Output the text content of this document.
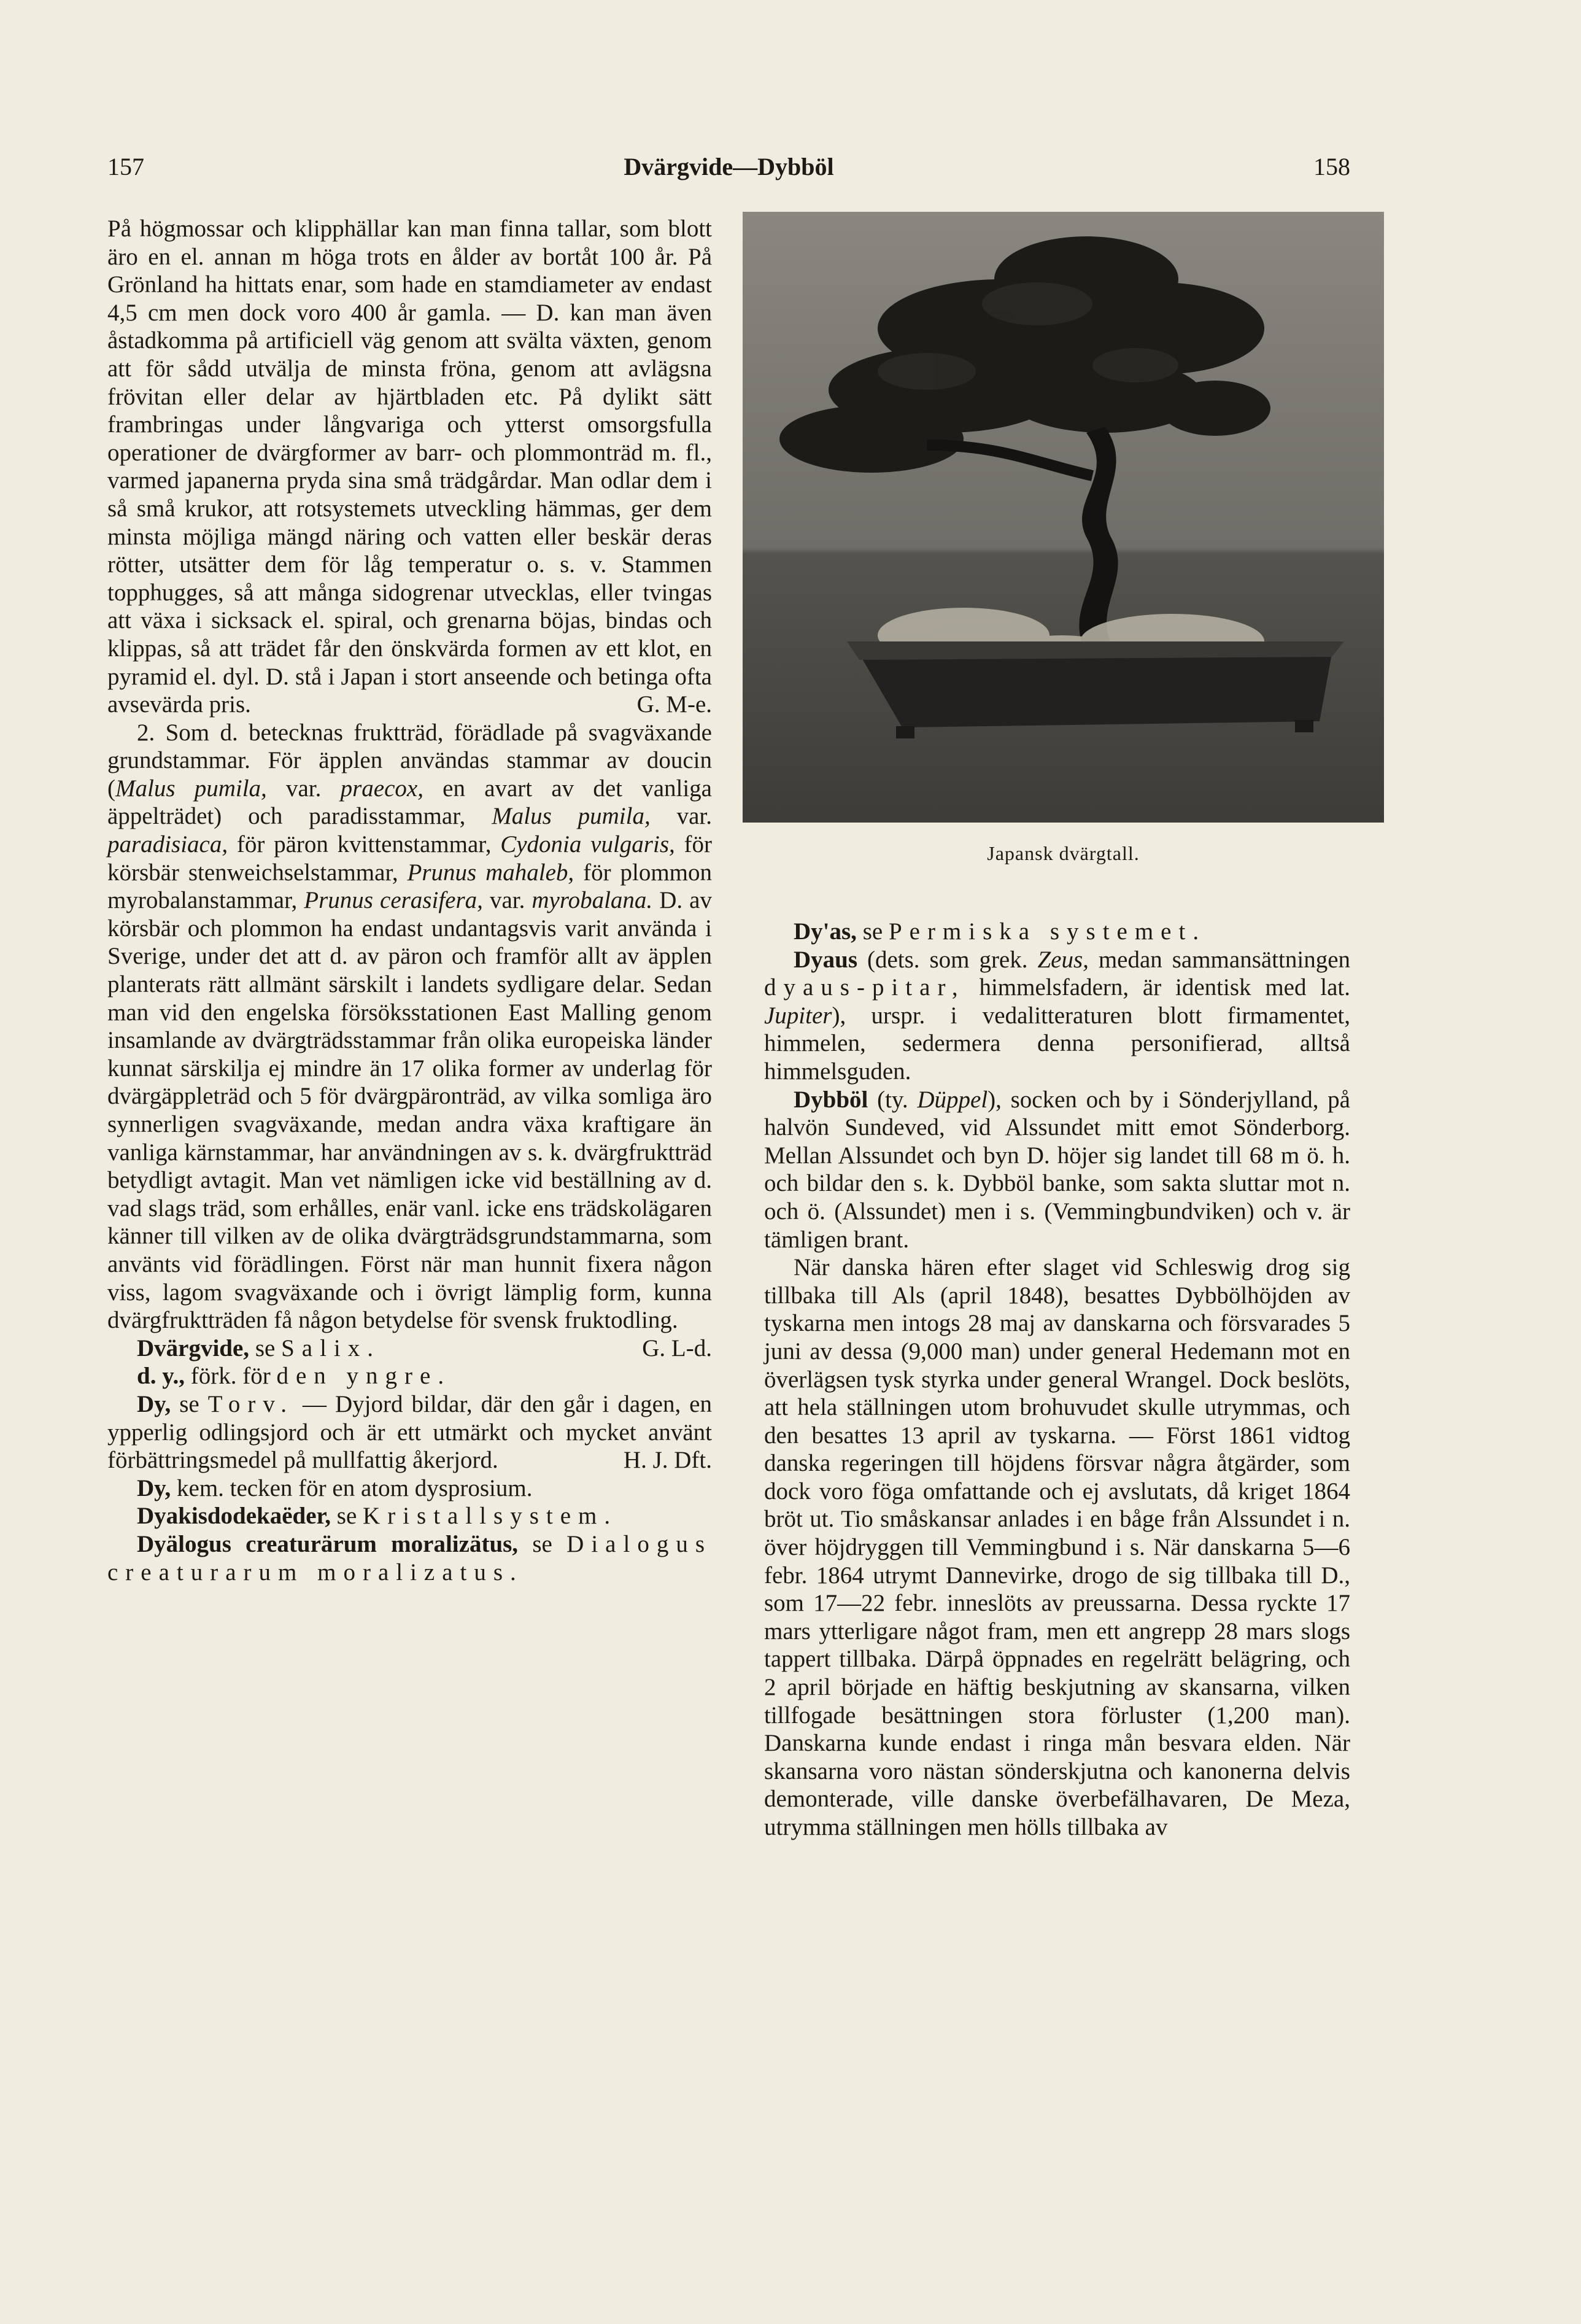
157	Dvärgvide—Dybböl	158

På högmossar och klipphällar kan man finna tallar, som blott äro en el. annan m höga trots en ålder av bortåt 100 år. På Grönland ha hittats enar, som hade en stamdiameter av endast 4,5 cm men dock voro 400 år gamla. — D. kan man även åstadkomma på artificiell väg genom att svälta växten, genom att för sådd utvälja de minsta fröna, genom att avlägsna frövitan eller delar av hjärtbladen etc. På dylikt sätt frambringas under långvariga och ytterst omsorgsfulla operationer de dvärgformer av barr- och plommonträd m. fl., varmed japanerna pryda sina små trädgårdar. Man odlar dem i så små krukor, att rotsystemets utveckling hämmas, ger dem minsta möjliga mängd näring och vatten eller beskär deras rötter, utsätter dem för låg temperatur o. s. v. Stammen topphugges, så att många sidogrenar utvecklas, eller tvingas att växa i sicksack el. spiral, och grenarna böjas, bindas och klippas, så att trädet får den önskvärda formen av ett klot, en pyramid el. dyl. D. stå i Japan i stort anseende och betinga ofta avsevärda pris.	G. M-e.

2. Som d. betecknas fruktträd, förädlade på svagväxande grundstammar. För äpplen användas stammar av doucin (Malus pumila, var. praecox, en avart av det vanliga äppelträdet) och paradisstammar, Malus pumila, var. paradisiaca, för päron kvittenstammar, Cydonia vulgaris, för körsbär stenweichselstammar, Prunus mahaleb, för plommon myrobalanstammar, Prunus cerasifera, var. myrobalana. D. av körsbär och plommon ha endast undantagsvis varit använda i Sverige, under det att d. av päron och framför allt av äpplen planterats rätt allmänt särskilt i landets sydligare delar. Sedan man vid den engelska försöksstationen East Malling genom insamlande av dvärgträdsstammar från olika europeiska länder kunnat särskilja ej mindre än 17 olika former av underlag för dvärgäppleträd och 5 för dvärgpäronträd, av vilka somliga äro synnerligen svagväxande, medan andra växa kraftigare än vanliga kärnstammar, har användningen av s. k. dvärgfruktträd betydligt avtagit. Man vet nämligen icke vid beställning av d. vad slags träd, som erhålles, enär vanl. icke ens trädskolägaren känner till vilken av de olika dvärgträdsgrundstammarna, som använts vid förädlingen. Först när man hunnit fixera någon viss, lagom svagväxande och i övrigt lämplig form, kunna dvärgfruktträden få någon betydelse för svensk fruktodling.
G. L-d.

Dvärgvide, se Salix.

d. y., förk. för den yngre.

Dy, se Torv. — Dyjord bildar, där den går i dagen, en ypperlig odlingsjord och är ett utmärkt och mycket använt förbättringsmedel på mullfattig åkerjord.	H. J. Dft.

Dy, kem. tecken för en atom dysprosium.

Dyakisdodekaëder, se Kristallsystem.

Dyälogus creaturärum moralizätus, se Dialogus creaturarum moralizatus.

Japansk dvärgtall.

Dy'as, se Permiska systemet.

Dyaus (dets. som grek. Zeus, medan sammansättningen dyaus-pitar, himmelsfadern, är identisk med lat. Jupiter), urspr. i vedalitteraturen blott firmamentet, himmelen, sedermera denna personifierad, alltså himmelsguden.

Dybböl (ty. Düppel), socken och by i Sönderjylland, på halvön Sundeved, vid Alssundet mitt emot Sönderborg. Mellan Alssundet och byn D. höjer sig landet till 68 m ö. h. och bildar den s. k. Dybböl banke, som sakta sluttar mot n. och ö. (Alssundet) men i s. (Vemmingbundviken) och v. är tämligen brant.

När danska hären efter slaget vid Schleswig drog sig tillbaka till Als (april 1848), besattes Dybbölhöjden av tyskarna men intogs 28 maj av danskarna och försvarades 5 juni av dessa (9,000 man) under general Hedemann mot en överlägsen tysk styrka under general Wrangel. Dock beslöts, att hela ställningen utom brohuvudet skulle utrymmas, och den besattes 13 april av tyskarna. — Först 1861 vidtog danska regeringen till höjdens försvar några åtgärder, som dock voro föga omfattande och ej avslutats, då kriget 1864 bröt ut. Tio småskansar anlades i en båge från Alssundet i n. över höjdryggen till Vemmingbund i s. När danskarna 5—6 febr. 1864 utrymt Dannevirke, drogo de sig tillbaka till D., som 17—22 febr. inneslöts av preussarna. Dessa ryckte 17 mars ytterligare något fram, men ett angrepp 28 mars slogs tappert tillbaka. Därpå öppnades en regelrätt belägring, och 2 april började en häftig beskjutning av skansarna, vilken tillfogade besättningen stora förluster (1,200 man). Danskarna kunde endast i ringa mån besvara elden. När skansarna voro nästan sönderskjutna och kanonerna delvis demonterade, ville danske överbefälhavaren, De Meza, utrymma ställningen men hölls tillbaka av
